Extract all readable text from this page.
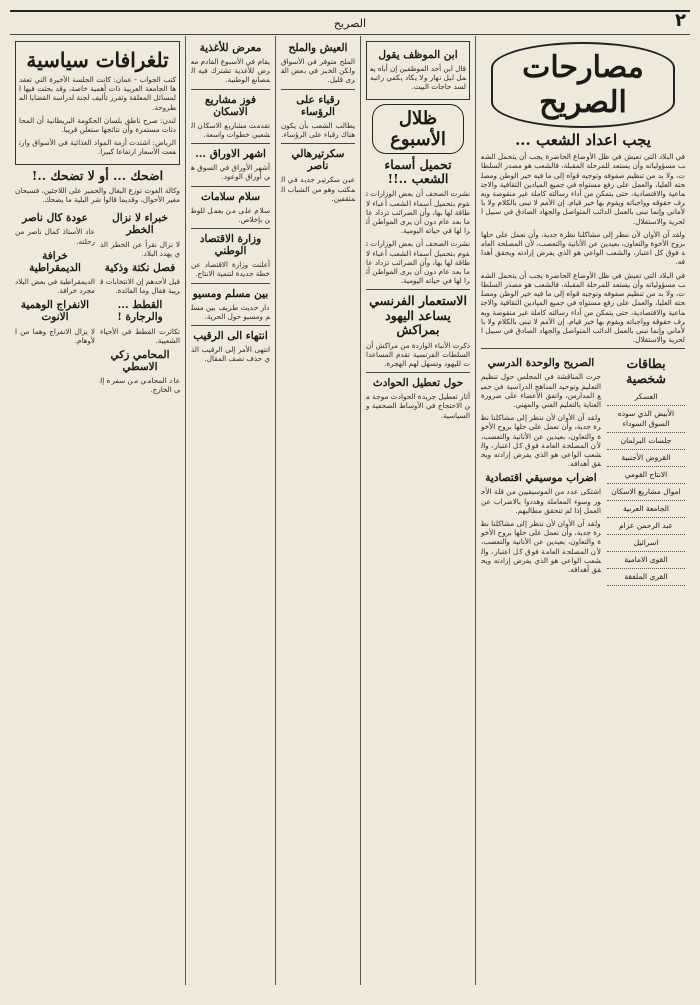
٢
الصريح
مصارحات الصريح
يجب اعداد الشعب ...

في البلاد التي تعيش في ظل الأوضاع الحاضرة يجب أن يتحمل الشعب مسؤولياته وأن يستعد للمرحلة المقبلة، فالشعب هو مصدر السلطات، ولا بد من تنظيم صفوفه وتوجيه قواه إلى ما فيه خير الوطن ومصلحته العليا، والعمل على رفع مستواه في جميع الميادين الثقافية والاجتماعية والاقتصادية، حتى يتمكن من أداء رسالته كاملة غير منقوصة ويعرف حقوقه وواجباته ويقوم بها خير قيام. إن الأمم لا تبنى بالكلام ولا بالأماني وإنما تبنى بالعمل الدائب المتواصل والجهاد الصادق في سبيل الحرية والاستقلال.

ولقد آن الأوان لأن ننظر إلى مشاكلنا نظرة جدية، وأن نعمل على حلها بروح الأخوة والتعاون، بعيدين عن الأنانية والتعصب، لأن المصلحة العامة فوق كل اعتبار، والشعب الواعي هو الذي يفرض إرادته ويحقق أهدافه.

في البلاد التي تعيش في ظل الأوضاع الحاضرة يجب أن يتحمل الشعب مسؤولياته وأن يستعد للمرحلة المقبلة، فالشعب هو مصدر السلطات، ولا بد من تنظيم صفوفه وتوجيه قواه إلى ما فيه خير الوطن ومصلحته العليا، والعمل على رفع مستواه في جميع الميادين الثقافية والاجتماعية والاقتصادية، حتى يتمكن من أداء رسالته كاملة غير منقوصة ويعرف حقوقه وواجباته ويقوم بها خير قيام. إن الأمم لا تبنى بالكلام ولا بالأماني وإنما تبنى بالعمل الدائب المتواصل والجهاد الصادق في سبيل الحرية والاستقلال.

بطاقات شخصية
العسكر
الأبيض الذي سوده السوق السوداء
جلسات البرلمان
القروض الأجنبية
الانتاج القومي
اموال مشاريع الاسكان
الجامعة العربية
عبد الرحمن عزام
اسرائيل
القوى الامامية
القرى الملفقة
الصريح والوحدة الدرسي

جرت المناقشة في المجلس حول تنظيم التعليم وتوحيد المناهج الدراسية في جميع المدارس، واتفق الأعضاء على ضرورة العناية بالتعليم الفني والمهني.

ولقد آن الأوان لأن ننظر إلى مشاكلنا نظرة جدية، وأن نعمل على حلها بروح الأخوة والتعاون، بعيدين عن الأنانية والتعصب، لأن المصلحة العامة فوق كل اعتبار، والشعب الواعي هو الذي يفرض إرادته ويحقق أهدافه.

اضراب موسيقي اقتصادية

اشتكى عدد من الموسيقيين من قلة الأجور وسوء المعاملة وهددوا بالاضراب عن العمل إذا لم تتحقق مطالبهم.

ولقد آن الأوان لأن ننظر إلى مشاكلنا نظرة جدية، وأن نعمل على حلها بروح الأخوة والتعاون، بعيدين عن الأنانية والتعصب، لأن المصلحة العامة فوق كل اعتبار، والشعب الواعي هو الذي يفرض إرادته ويحقق أهدافه.

ابن الموظف يقول

قال ابن أحد الموظفين إن أباه يعمل ليل نهار ولا يكاد يكفي راتبه لسد حاجات البيت.

ظلال الأسبوع
تحميل أسماء الشعب ..!!

نشرت الصحف أن بعض الوزارات تقوم بتحميل أسماء الشعب أعباء لا طاقة لها بها، وأن الضرائب تزداد عاما بعد عام دون أن يرى المواطن أثرا لها في حياته اليومية.

نشرت الصحف أن بعض الوزارات تقوم بتحميل أسماء الشعب أعباء لا طاقة لها بها، وأن الضرائب تزداد عاما بعد عام دون أن يرى المواطن أثرا لها في حياته اليومية.

الاستعمار الفرنسي يساعد اليهود بمراكش

ذكرت الأنباء الواردة من مراكش أن السلطات الفرنسية تقدم المساعدات لليهود وتسهل لهم الهجرة.

حول تعطيل الحوادث

أثار تعطيل جريدة الحوادث موجة من الاحتجاج في الأوساط الصحفية والسياسية.

العيش والملح

الملح متوفر في الأسواق ولكن الخبز في بعض القرى قليل.

رقباء على الرؤساء

يطالب الشعب بأن يكون هناك رقباء على الرؤساء.

سكرتيرهالي ناصر

عين سكرتير جديد في المكتب وهو من الشباب المثقفين.

معرض للأغذية

يقام في الأسبوع القادم معرض للأغذية تشترك فيه المصانع الوطنية.

فوز مشاريع الاسكان

تقدمت مشاريع الاسكان الشعبي خطوات واسعة.

اشهر الاوراق ...

أشهر الأوراق في السوق هي أوراق الوعود.

سلام سلامات

سلام على من يعمل للوطن بإخلاص.

وزارة الاقتصاد الوطني

أعلنت وزارة الاقتصاد عن خطة جديدة لتنمية الانتاج.

بين مسلم ومسيو

دار حديث طريف بين مسلم ومسيو حول الحرية.

انتهاء الى الرقيب

انتهى الأمر إلى الرقيب الذي حذف نصف المقال.

تلغرافات سياسية

كتب الجواب - عمان: كانت الجلسة الأخيرة التي تعقدها الجامعة العربية ذات أهمية خاصة، وقد بحثت فيها المسائل المعلقة وتقرر تأليف لجنة لدراسة القضايا المطروحة.

لندن: صرح ناطق بلسان الحكومة البريطانية أن المحادثات مستمرة وأن نتائجها ستعلن قريبا.

الرياض: اشتدت أزمة المواد الغذائية في الأسواق وارتفعت الأسعار ارتفاعا كبيرا.

اضحك ... أو لا تضحك ..!

وكالة الغوث توزع البغال والحمير على اللاجئين، فسبحان مغير الأحوال، وقديما قالوا شر البلية ما يضحك.

خبراء لا نزال الخطر

لا نزال نقرأ عن الخطر الذي يهدد البلاد.

فصل نكتة وذكية

قيل لأحدهم إن الانتخابات قريبة فقال وما الفائدة.

القطط ... والرجارة !

تكاثرت القطط في الأحياء الشعبية.

المحامي زكي الاسطي

عاد المحامي من سفره إلى الخارج.

عودة كال ناصر

عاد الأستاذ كمال ناصر من رحلته.

خرافة الديمقراطية

الديمقراطية في بعض البلاد مجرد خرافة.

الانفراج الوهمية الانوت

لا يزال الانفراج وهما من الأوهام.
